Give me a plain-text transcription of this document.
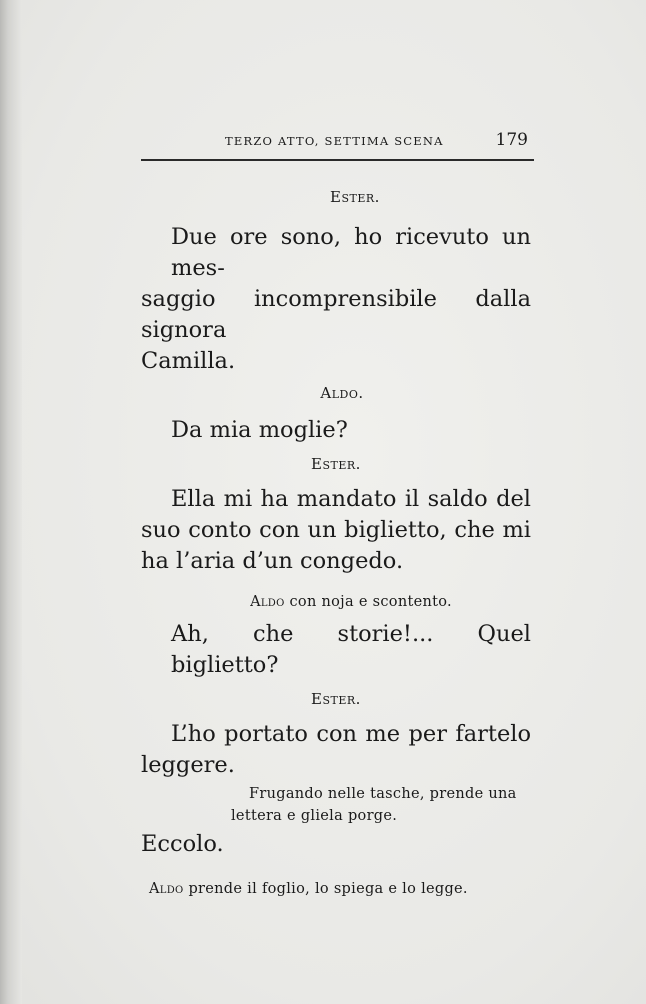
TERZO ATTO, SETTIMA SCENA	179
Ester.
Due ore sono, ho ricevuto un mes-
saggio incomprensibile dalla signora
Camilla.
Aldo.
Da mia moglie?
Ester.
Ella mi ha mandato il saldo del
suo conto con un biglietto, che mi
ha l’aria d’un congedo.
Aldo con noja e scontento.
Ah, che storie!... Quel biglietto?
Ester.
L’ho portato con me per fartelo
leggere.
Frugando nelle tasche, prende una
lettera e gliela porge.
Eccolo.
Aldo prende il foglio, lo spiega e lo legge.
